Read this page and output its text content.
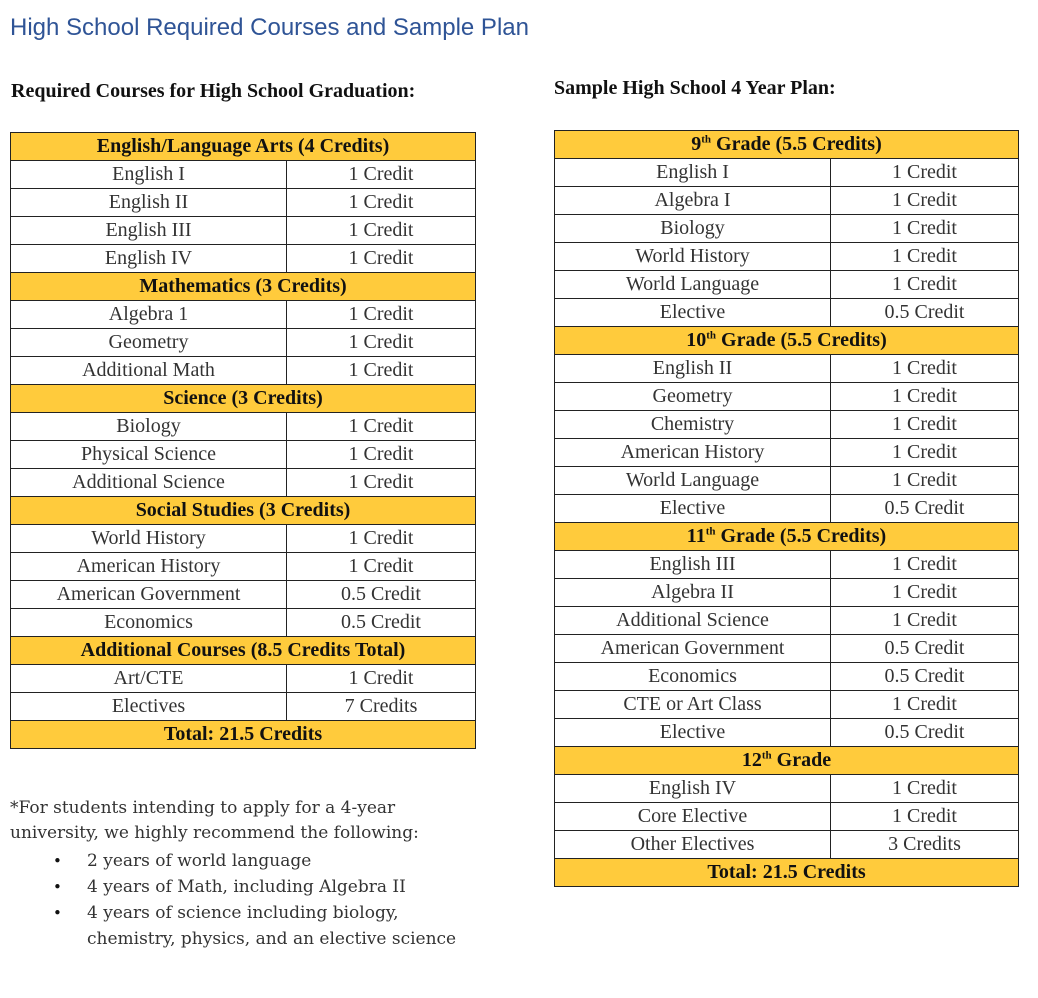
High School Required Courses and Sample Plan
Required Courses for High School Graduation:	Sample High School 4 Year Plan:
English/Language Arts (4 Credits)	
English I	1 Credit
English II	1 Credit
English III	1 Credit
English IV	1 Credit
Mathematics (3 Credits)	
Algebra 1	1 Credit
Geometry	1 Credit
Additional Math	1 Credit
Science (3 Credits)	
Biology	1 Credit
Physical Science	1 Credit
Additional Science	1 Credit
Social Studies (3 Credits)	
World History	1 Credit
American History	1 Credit
American Government	0.5 Credit
Economics	0.5 Credit
Additional Courses (8.5 Credits Total)	
Art/CTE	1 Credit
Electives	7 Credits
Total: 21.5 Credits	
9th Grade (5.5 Credits)	
English I	1 Credit
Algebra I	1 Credit
Biology	1 Credit
World History	1 Credit
World Language	1 Credit
Elective	0.5 Credit
10th Grade (5.5 Credits)	
English II	1 Credit
Geometry	1 Credit
Chemistry	1 Credit
American History	1 Credit
World Language	1 Credit
Elective	0.5 Credit
11th Grade (5.5 Credits)	
English III	1 Credit
Algebra II	1 Credit
Additional Science	1 Credit
American Government	0.5 Credit
Economics	0.5 Credit
CTE or Art Class	1 Credit
Elective	0.5 Credit
12th Grade	
English IV	1 Credit
Core Elective	1 Credit
Other Electives	3 Credits
Total: 21.5 Credits	
*For students intending to apply for a 4-year university, we highly recommend the following:
• 2 years of world language
• 4 years of Math, including Algebra II
• 4 years of science including biology, chemistry, physics, and an elective science
